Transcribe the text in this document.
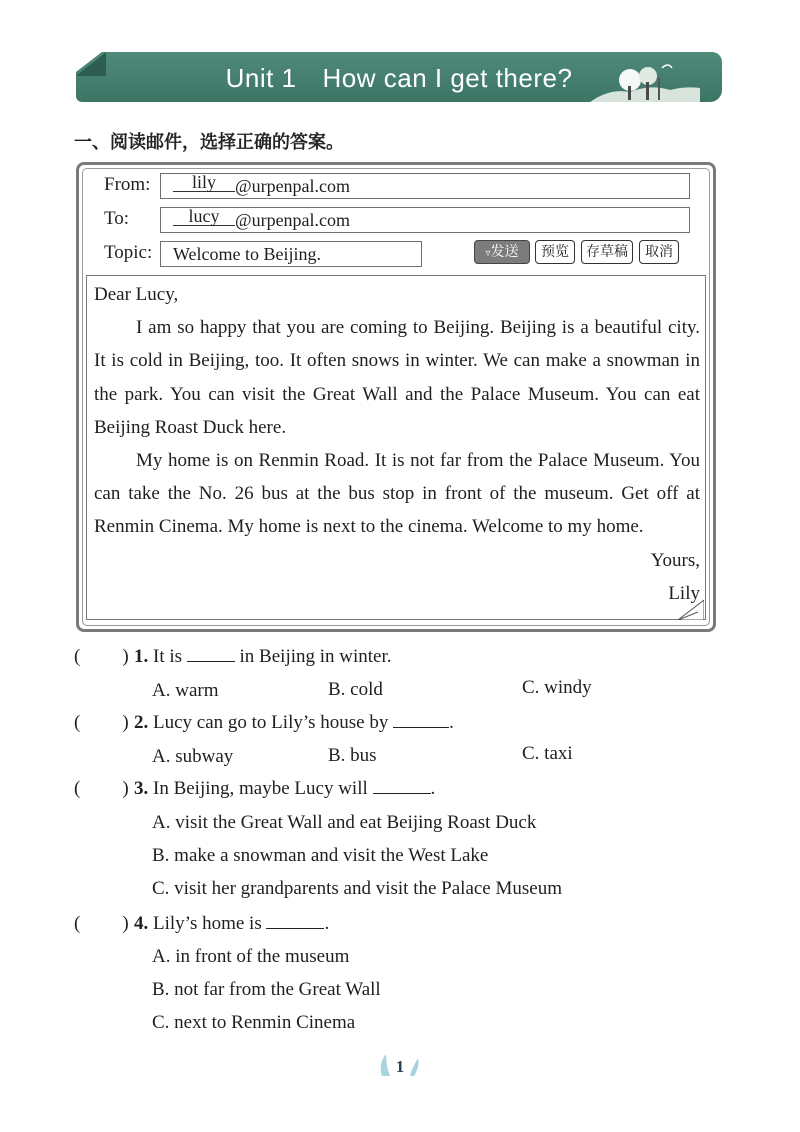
Unit 1 How can I get there?
一、阅读邮件，选择正确的答案。
From:	lily @urpenpal.com
To:	lucy @urpenpal.com
Topic:	Welcome to Beijing.	▿发送	预览	存草稿	取消

Dear Lucy,

I am so happy that you are coming to Beijing. Beijing is a beautiful city. It is cold in Beijing, too. It often snows in winter. We can make a snowman in the park. You can visit the Great Wall and the Palace Museum. You can eat Beijing Roast Duck here.

My home is on Renmin Road. It is not far from the Palace Museum. You can take the No. 26 bus at the bus stop in front of the museum. Get off at Renmin Cinema. My home is next to the cinema. Welcome to my home.

Yours,

Lily

( ) 1. It is	in Beijing in winter.
A. warm	B. cold	C. windy
( ) 2. Lucy can go to Lily’s house by	.
A. subway	B. bus	C. taxi
( ) 3. In Beijing, maybe Lucy will	.
A. visit the Great Wall and eat Beijing Roast Duck
B. make a snowman and visit the West Lake
C. visit her grandparents and visit the Palace Museum
( ) 4. Lily’s home is	.
A. in front of the museum
B. not far from the Great Wall
C. next to Renmin Cinema
1
